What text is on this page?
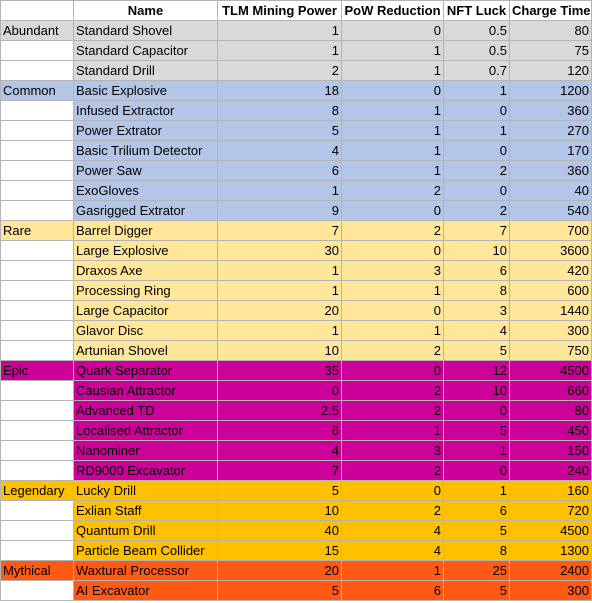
	Name	TLM Mining Power	PoW Reduction	NFT Luck	Charge Time
Abundant	Standard Shovel	1	0	0.5	80
	Standard Capacitor	1	1	0.5	75
	Standard Drill	2	1	0.7	120
Common	Basic Explosive	18	0	1	1200
	Infused Extractor	8	1	0	360
	Power Extrator	5	1	1	270
	Basic Trilium Detector	4	1	0	170
	Power Saw	6	1	2	360
	ExoGloves	1	2	0	40
	Gasrigged Extrator	9	0	2	540
Rare	Barrel Digger	7	2	7	700
	Large Explosive	30	0	10	3600
	Draxos Axe	1	3	6	420
	Processing Ring	1	1	8	600
	Large Capacitor	20	0	3	1440
	Glavor Disc	1	1	4	300
	Artunian Shovel	10	2	5	750
Epic	Quark Separator	35	0	12	4500
	Causian Attractor	0	2	10	660
	Advanced TD	2.5	2	0	80
	Localised Attractor	6	1	5	450
	Nanominer	4	3	1	150
	RD9000 Excavator	7	2	0	240
Legendary	Lucky Drill	5	0	1	160
	Exlian Staff	10	2	6	720
	Quantum Drill	40	4	5	4500
	Particle Beam Collider	15	4	8	1300
Mythical	Waxtural Processor	20	1	25	2400
	AI Excavator	5	6	5	300
